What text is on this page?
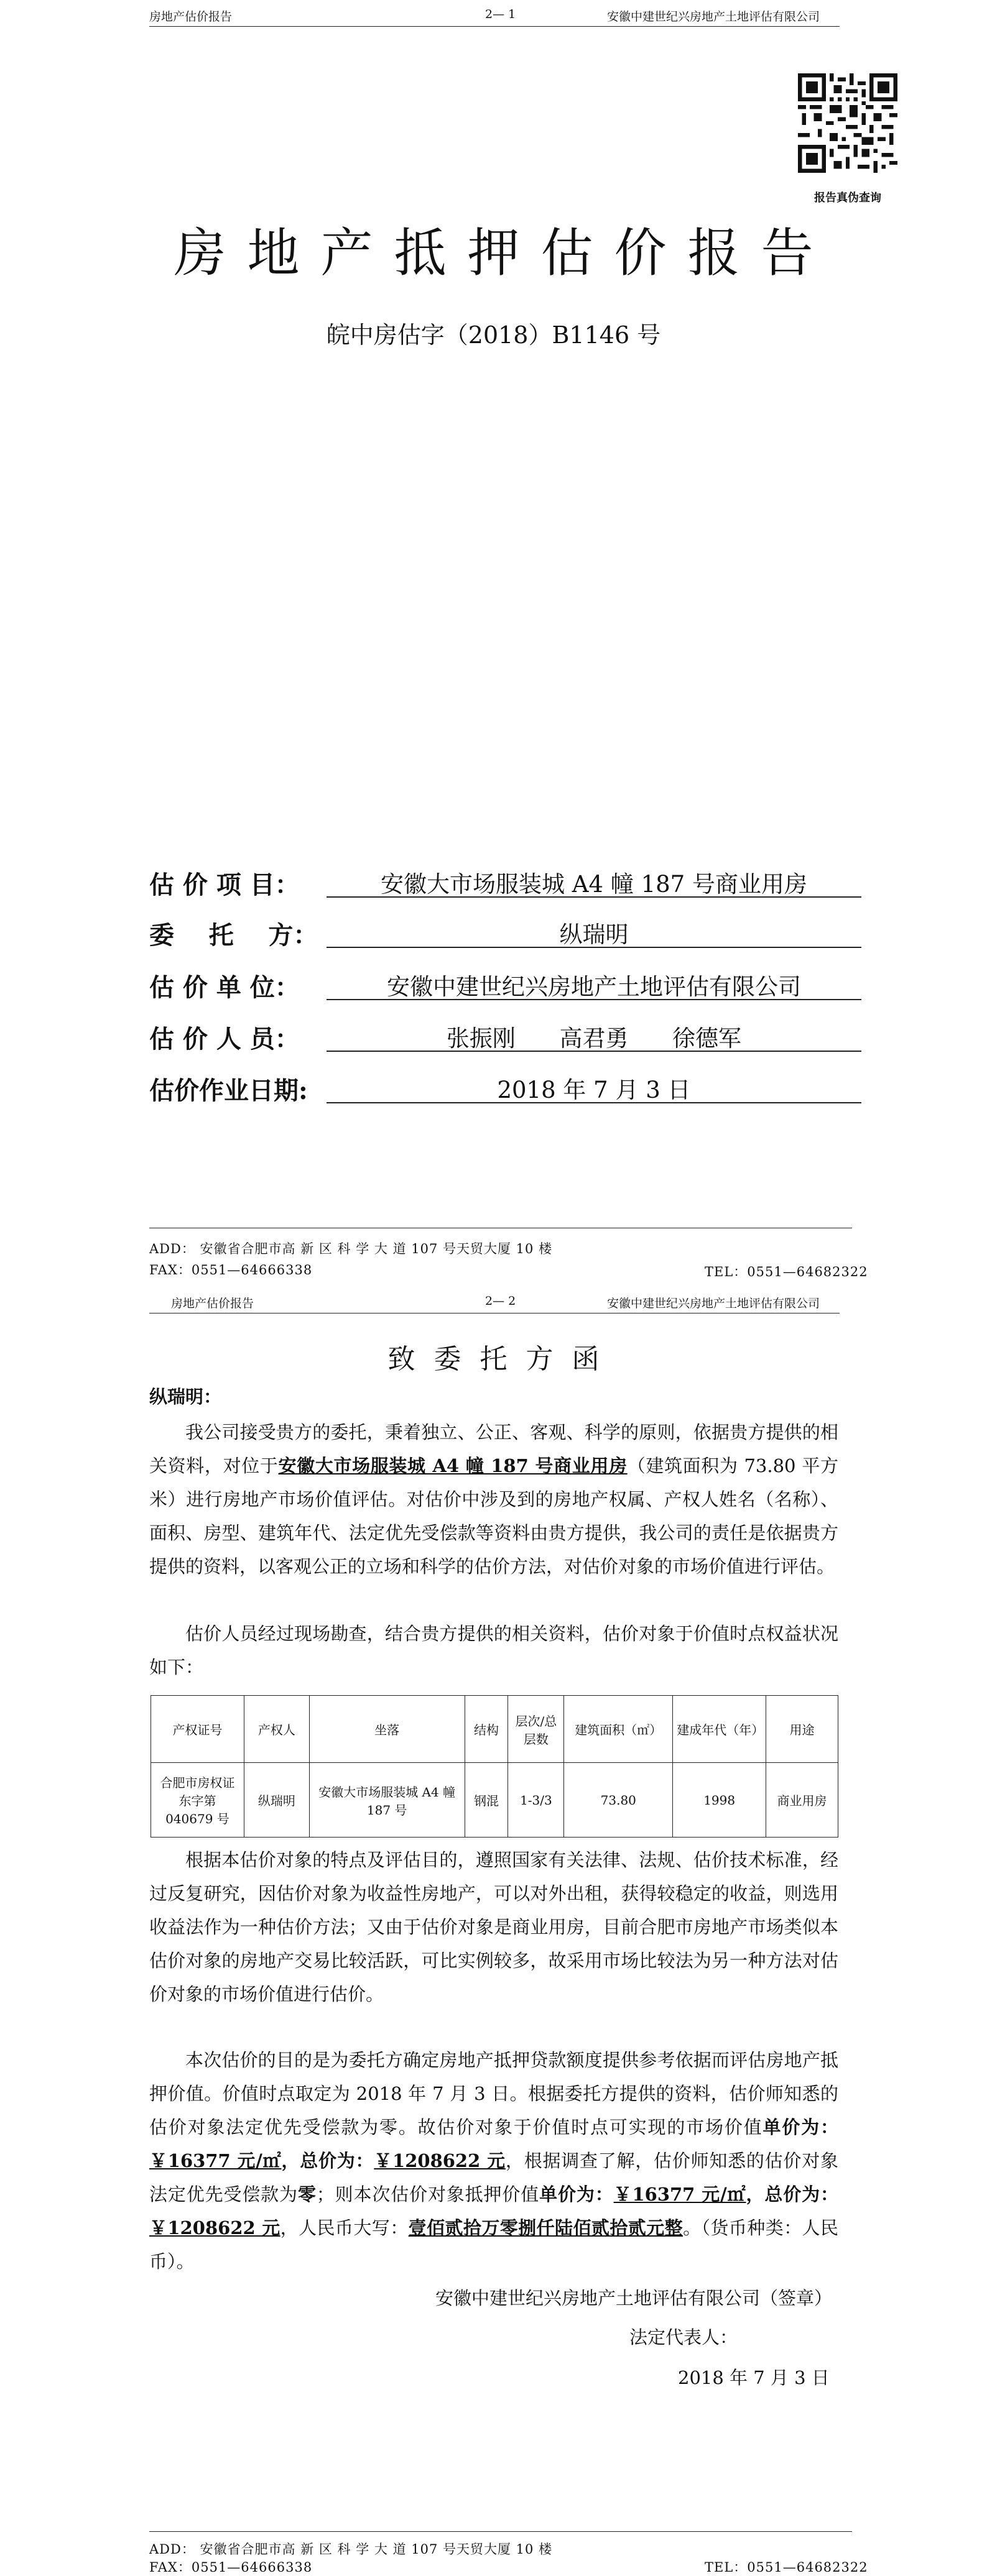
房地产估价报告	2— 1	安徽中建世纪兴房地产土地评估有限公司
报告真伪查询
房地产抵押估价报告
皖中房估字（2018）B1146 号
估 价 项 目：	安徽大市场服装城 A4 幢 187 号商业用房
委    托    方：	纵瑞明
估 价 单 位：	安徽中建世纪兴房地产土地评估有限公司
估 价 人 员：	张振刚      高君勇      徐德军
估价作业日期:	2018 年 7 月 3 日
ADD： 安徽省合肥市高 新 区 科 学 大 道 107 号天贸大厦 10 楼
FAX：0551—64666338	TEL：0551—64682322
房地产估价报告	2— 2	安徽中建世纪兴房地产土地评估有限公司
致委托方函
纵瑞明：

我公司接受贵方的委托，秉着独立、公正、客观、科学的原则，依据贵方提供的相关资料，对位于安徽大市场服装城 A4 幢 187 号商业用房（建筑面积为 73.80 平方米）进行房地产市场价值评估。对估价中涉及到的房地产权属、产权人姓名（名称）、面积、房型、建筑年代、法定优先受偿款等资料由贵方提供，我公司的责任是依据贵方提供的资料，以客观公正的立场和科学的估价方法，对估价对象的市场价值进行评估。

估价人员经过现场勘查，结合贵方提供的相关资料，估价对象于价值时点权益状况如下：

产权证号	产权人	坐落	结构	层次/总层数	建筑面积（㎡）	建成年代（年）	用途
合肥市房权证东字第 040679 号	纵瑞明	安徽大市场服装城 A4 幢 187 号	钢混	1-3/3	73.80	1998	商业用房

根据本估价对象的特点及评估目的，遵照国家有关法律、法规、估价技术标准，经过反复研究，因估价对象为收益性房地产，可以对外出租，获得较稳定的收益，则选用收益法作为一种估价方法；又由于估价对象是商业用房，目前合肥市房地产市场类似本估价对象的房地产交易比较活跃，可比实例较多，故采用市场比较法为另一种方法对估价对象的市场价值进行估价。

本次估价的目的是为委托方确定房地产抵押贷款额度提供参考依据而评估房地产抵押价值。价值时点取定为 2018 年 7 月 3 日。根据委托方提供的资料，估价师知悉的估价对象法定优先受偿款为零。故估价对象于价值时点可实现的市场价值单价为：￥16377 元/㎡，总价为：￥1208622 元，根据调查了解，估价师知悉的估价对象法定优先受偿款为零；则本次估价对象抵押价值单价为：￥16377 元/㎡，总价为：￥1208622 元，人民币大写：壹佰贰拾万零捌仟陆佰贰拾贰元整。（货币种类：人民币）。

安徽中建世纪兴房地产土地评估有限公司（签章）
法定代表人：
2018 年 7 月 3 日
ADD： 安徽省合肥市高 新 区 科 学 大 道 107 号天贸大厦 10 楼
FAX：0551—64666338	TEL：0551—64682322
